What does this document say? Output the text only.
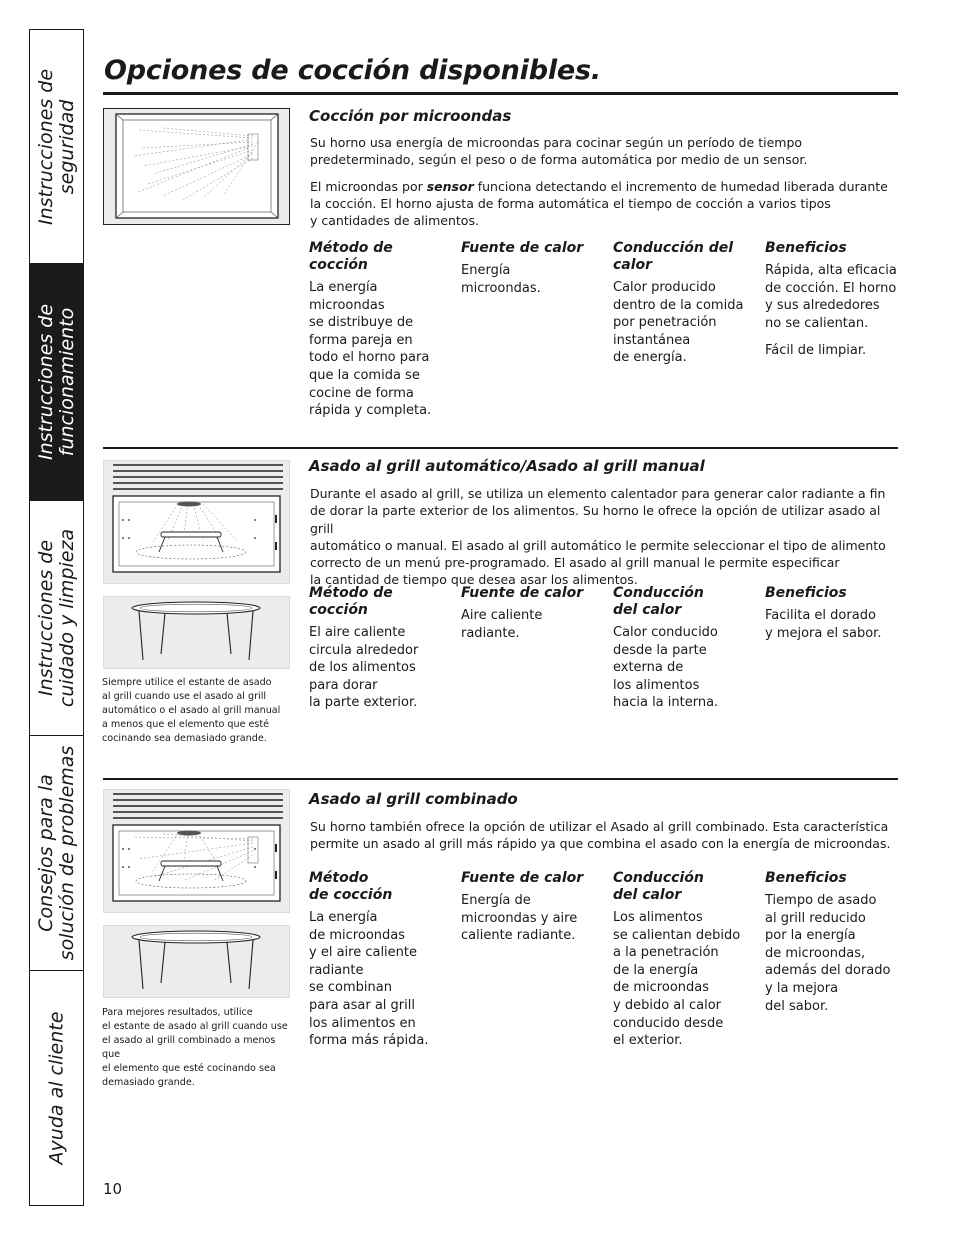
Instrucciones de
seguridad
Instrucciones de
funcionamiento
Instrucciones de
cuidado y limpieza
Consejos para la
solución de problemas
Ayuda al cliente
Opciones de cocción disponibles.
Cocción por microondas

Su horno usa energía de microondas para cocinar según un período de tiempo
predeterminado, según el peso o de forma automática por medio de un sensor.

El microondas por sensor funciona detectando el incremento de humedad liberada durante
la cocción. El horno ajusta de forma automática el tiempo de cocción a varios tipos
y cantidades de alimentos.

Método de
cocción
La energía
microondas
se distribuye de
forma pareja en
todo el horno para
que la comida se
cocine de forma
rápida y completa.
Fuente de calor
Energía
microondas.
Conducción del
calor
Calor producido
dentro de la comida
por penetración
instantánea
de energía.
Beneficios
Rápida, alta eficacia
de cocción. El horno
y sus alrededores
no se calientan.
Fácil de limpiar.
Siempre utilice el estante de asado
al grill cuando use el asado al grill
automático o el asado al grill manual
a menos que el elemento que esté
cocinando sea demasiado grande.
Asado al grill automático/Asado al grill manual

Durante el asado al grill, se utiliza un elemento calentador para generar calor radiante a fin
de dorar la parte exterior de los alimentos. Su horno le ofrece la opción de utilizar asado al grill
automático o manual. El asado al grill automático le permite seleccionar el tipo de alimento
correcto de un menú pre-programado. El asado al grill manual le permite especificar
la cantidad de tiempo que desea asar los alimentos.

Método de
cocción
El aire caliente
circula alrededor
de los alimentos
para dorar
la parte exterior.
Fuente de calor
Aire caliente
radiante.
Conducción
del calor
Calor conducido
desde la parte
externa de
los alimentos
hacia la interna.
Beneficios
Facilita el dorado
y mejora el sabor.
Para mejores resultados, utilice
el estante de asado al grill cuando use
el asado al grill combinado a menos que
el elemento que esté cocinando sea
demasiado grande.
Asado al grill combinado

Su horno también ofrece la opción de utilizar el Asado al grill combinado. Esta característica
permite un asado al grill más rápido ya que combina el asado con la energía de microondas.

Método
de cocción
La energía
de microondas
y el aire caliente
radiante
se combinan
para asar al grill
los alimentos en
forma más rápida.
Fuente de calor
Energía de
microondas y aire
caliente radiante.
Conducción
del calor
Los alimentos
se calientan debido
a la penetración
de la energía
de microondas
y debido al calor
conducido desde
el exterior.
Beneficios
Tiempo de asado
al grill reducido
por la energía
de microondas,
además del dorado
y la mejora
del sabor.
10
